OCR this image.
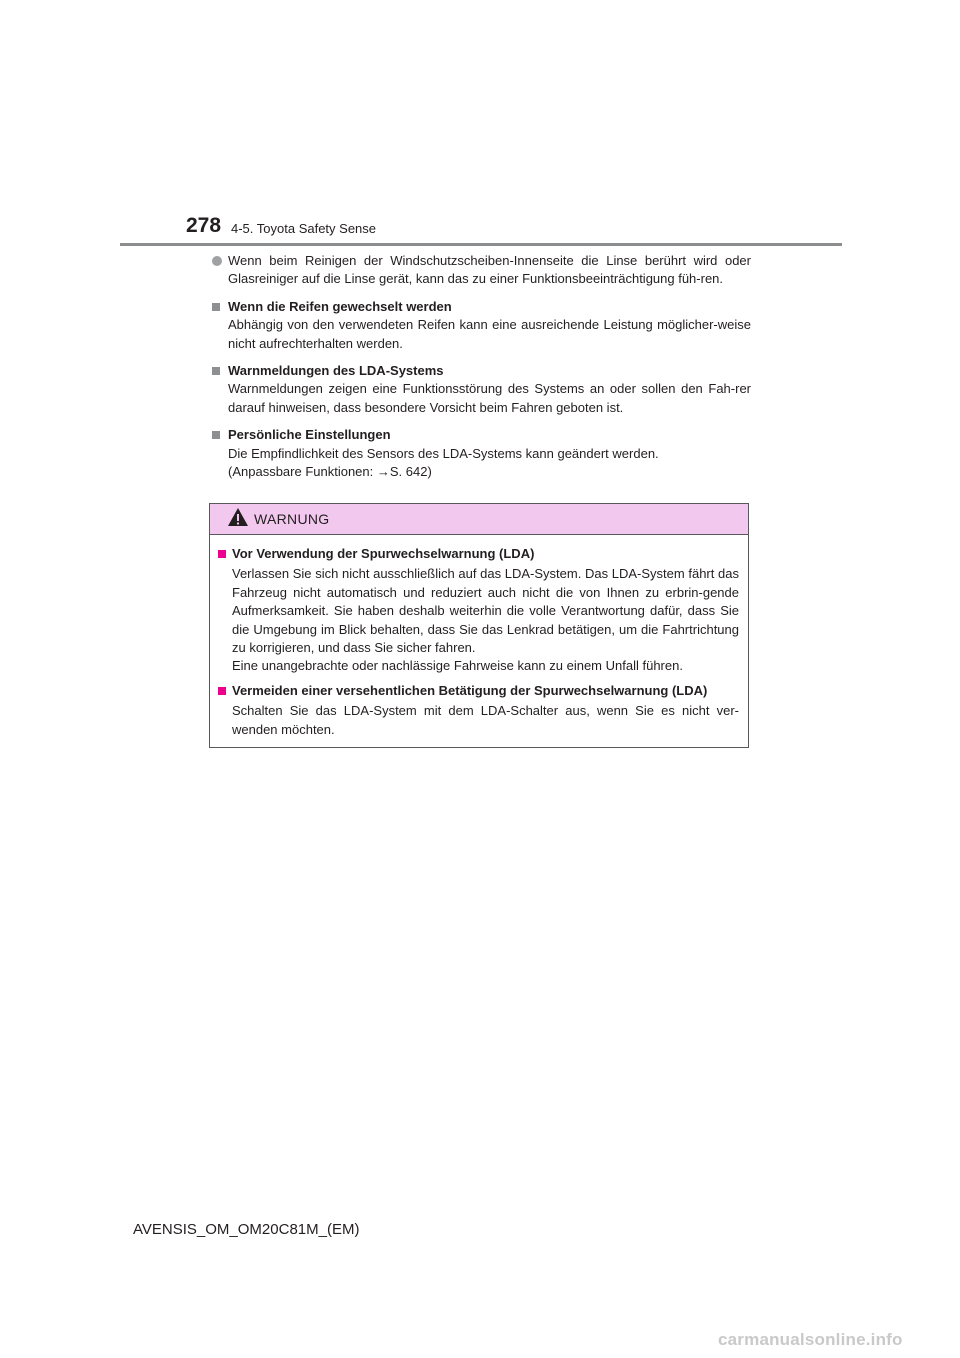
278 4-5. Toyota Safety Sense
Wenn beim Reinigen der Windschutzscheiben-Innenseite die Linse berührt wird oder Glasreiniger auf die Linse gerät, kann das zu einer Funktionsbeeinträchtigung füh-ren.
Wenn die Reifen gewechselt werden
Abhängig von den verwendeten Reifen kann eine ausreichende Leistung möglicher-weise nicht aufrechterhalten werden.
Warnmeldungen des LDA-Systems
Warnmeldungen zeigen eine Funktionsstörung des Systems an oder sollen den Fah-rer darauf hinweisen, dass besondere Vorsicht beim Fahren geboten ist.
Persönliche Einstellungen
Die Empfindlichkeit des Sensors des LDA-Systems kann geändert werden.
(Anpassbare Funktionen: →S. 642)
WARNUNG
Vor Verwendung der Spurwechselwarnung (LDA)
Verlassen Sie sich nicht ausschließlich auf das LDA-System. Das LDA-System fährt das Fahrzeug nicht automatisch und reduziert auch nicht die von Ihnen zu erbrin-gende Aufmerksamkeit. Sie haben deshalb weiterhin die volle Verantwortung dafür, dass Sie die Umgebung im Blick behalten, dass Sie das Lenkrad betätigen, um die Fahrtrichtung zu korrigieren, und dass Sie sicher fahren.
Eine unangebrachte oder nachlässige Fahrweise kann zu einem Unfall führen.
Vermeiden einer versehentlichen Betätigung der Spurwechselwarnung (LDA)
Schalten Sie das LDA-System mit dem LDA-Schalter aus, wenn Sie es nicht ver-wenden möchten.
AVENSIS_OM_OM20C81M_(EM)
carmanualsonline.info
